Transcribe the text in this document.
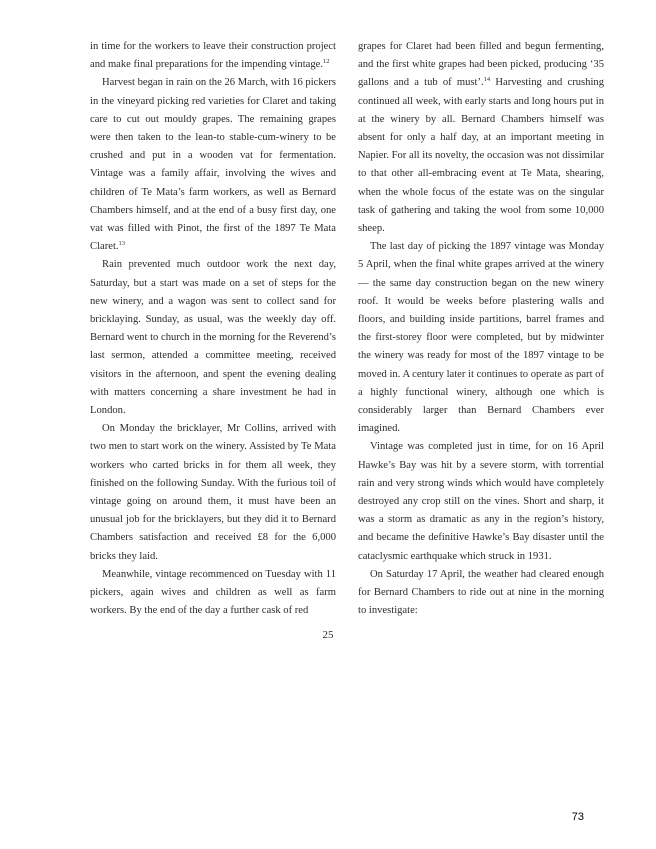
in time for the workers to leave their construction project and make final preparations for the impending vintage.$^{12}$

Harvest began in rain on the 26 March, with 16 pickers in the vineyard picking red varieties for Claret and taking care to cut out mouldy grapes. The remaining grapes were then taken to the lean-to stable-cum-winery to be crushed and put in a wooden vat for fermentation. Vintage was a family affair, involving the wives and children of Te Mata’s farm workers, as well as Bernard Chambers himself, and at the end of a busy first day, one vat was filled with Pinot, the first of the 1897 Te Mata Claret.$^{13}$

Rain prevented much outdoor work the next day, Saturday, but a start was made on a set of steps for the new winery, and a wagon was sent to collect sand for bricklaying. Sunday, as usual, was the weekly day off. Bernard went to church in the morning for the Reverend’s last sermon, attended a committee meeting, received visitors in the afternoon, and spent the evening dealing with matters concerning a share investment he had in London.

On Monday the bricklayer, Mr Collins, arrived with two men to start work on the winery. Assisted by Te Mata workers who carted bricks in for them all week, they finished on the following Sunday. With the furious toil of vintage going on around them, it must have been an unusual job for the bricklayers, but they did it to Bernard Chambers satisfaction and received £8 for the 6,000 bricks they laid.

Meanwhile, vintage recommenced on Tuesday with 11 pickers, again wives and children as well as farm workers. By the end of the day a further cask of red

grapes for Claret had been filled and begun fermenting, and the first white grapes had been picked, producing ‘35 gallons and a tub of must’.$^{14}$ Harvesting and crushing continued all week, with early starts and long hours put in at the winery by all. Bernard Chambers himself was absent for only a half day, at an important meeting in Napier. For all its novelty, the occasion was not dissimilar to that other all-embracing event at Te Mata, shearing, when the whole focus of the estate was on the singular task of gathering and taking the wool from some 10,000 sheep.

The last day of picking the 1897 vintage was Monday 5 April, when the final white grapes arrived at the winery — the same day construction began on the new winery roof. It would be weeks before plastering walls and floors, and building inside partitions, barrel frames and the first-storey floor were completed, but by midwinter the winery was ready for most of the 1897 vintage to be moved in. A century later it continues to operate as part of a highly functional winery, although one which is considerably larger than Bernard Chambers ever imagined.

Vintage was completed just in time, for on 16 April Hawke’s Bay was hit by a severe storm, with torrential rain and very strong winds which would have completely destroyed any crop still on the vines. Short and sharp, it was a storm as dramatic as any in the region’s history, and became the definitive Hawke’s Bay disaster until the cataclysmic earthquake which struck in 1931.

On Saturday 17 April, the weather had cleared enough for Bernard Chambers to ride out at nine in the morning to investigate:

25
73
